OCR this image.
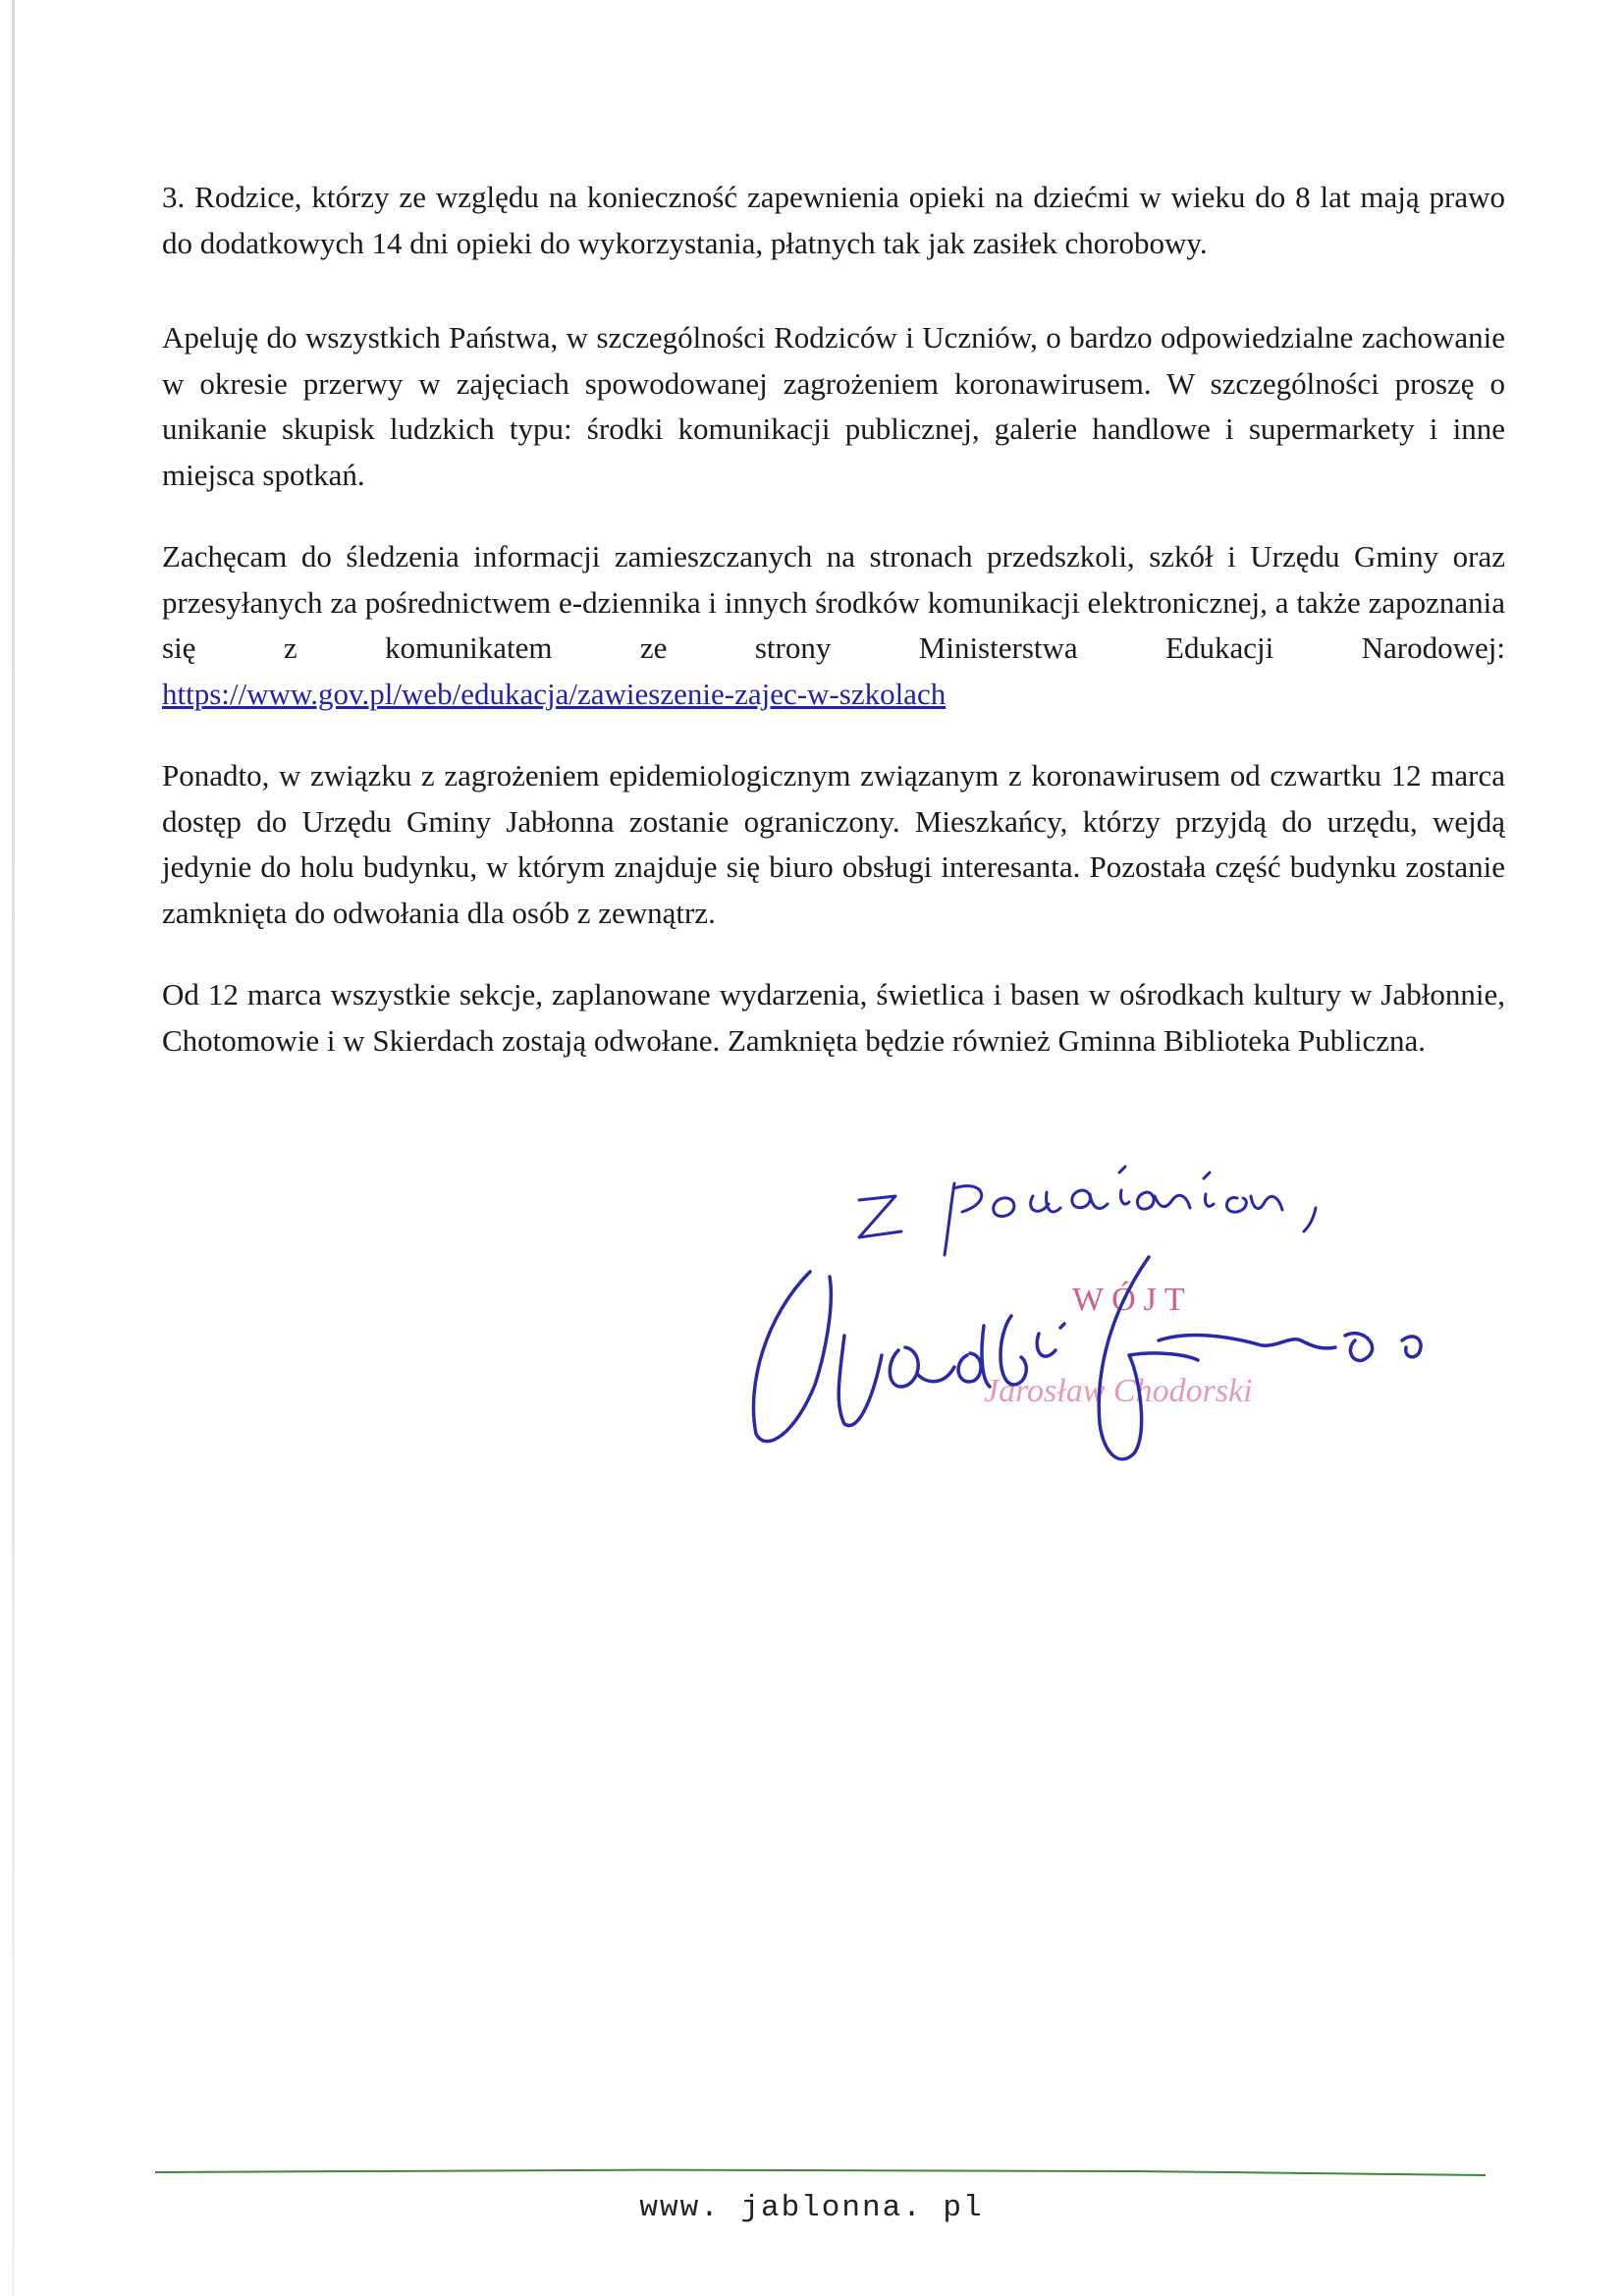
3. Rodzice, którzy ze względu na konieczność zapewnienia opieki na dziećmi w wieku do 8 lat mają prawo do dodatkowych 14 dni opieki do wykorzystania, płatnych tak jak zasiłek chorobowy.

Apeluję do wszystkich Państwa, w szczególności Rodziców i Uczniów, o bardzo odpowiedzialne zachowanie w okresie przerwy w zajęciach spowodowanej zagrożeniem koronawirusem. W szczególności proszę o unikanie skupisk ludzkich typu: środki komunikacji publicznej, galerie handlowe i supermarkety i inne miejsca spotkań.

Zachęcam do śledzenia informacji zamieszczanych na stronach przedszkoli, szkół i Urzędu Gminy oraz przesyłanych za pośrednictwem e-dziennika i innych środków komunikacji elektronicznej, a także zapoznania się z komunikatem ze strony Ministerstwa Edukacji Narodowej: https://www.gov.pl/web/edukacja/zawieszenie-zajec-w-szkolach

Ponadto, w związku z zagrożeniem epidemiologicznym związanym z koronawirusem od czwartku 12 marca dostęp do Urzędu Gminy Jabłonna zostanie ograniczony. Mieszkańcy, którzy przyjdą do urzędu, wejdą jedynie do holu budynku, w którym znajduje się biuro obsługi interesanta. Pozostała część budynku zostanie zamknięta do odwołania dla osób z zewnątrz.

Od 12 marca wszystkie sekcje, zaplanowane wydarzenia, świetlica i basen w ośrodkach kultury w Jabłonnie, Chotomowie i w Skierdach zostają odwołane. Zamknięta będzie również Gminna Biblioteka Publiczna.

WÓJT
Jarosław Chodorski
www. jablonna. pl
